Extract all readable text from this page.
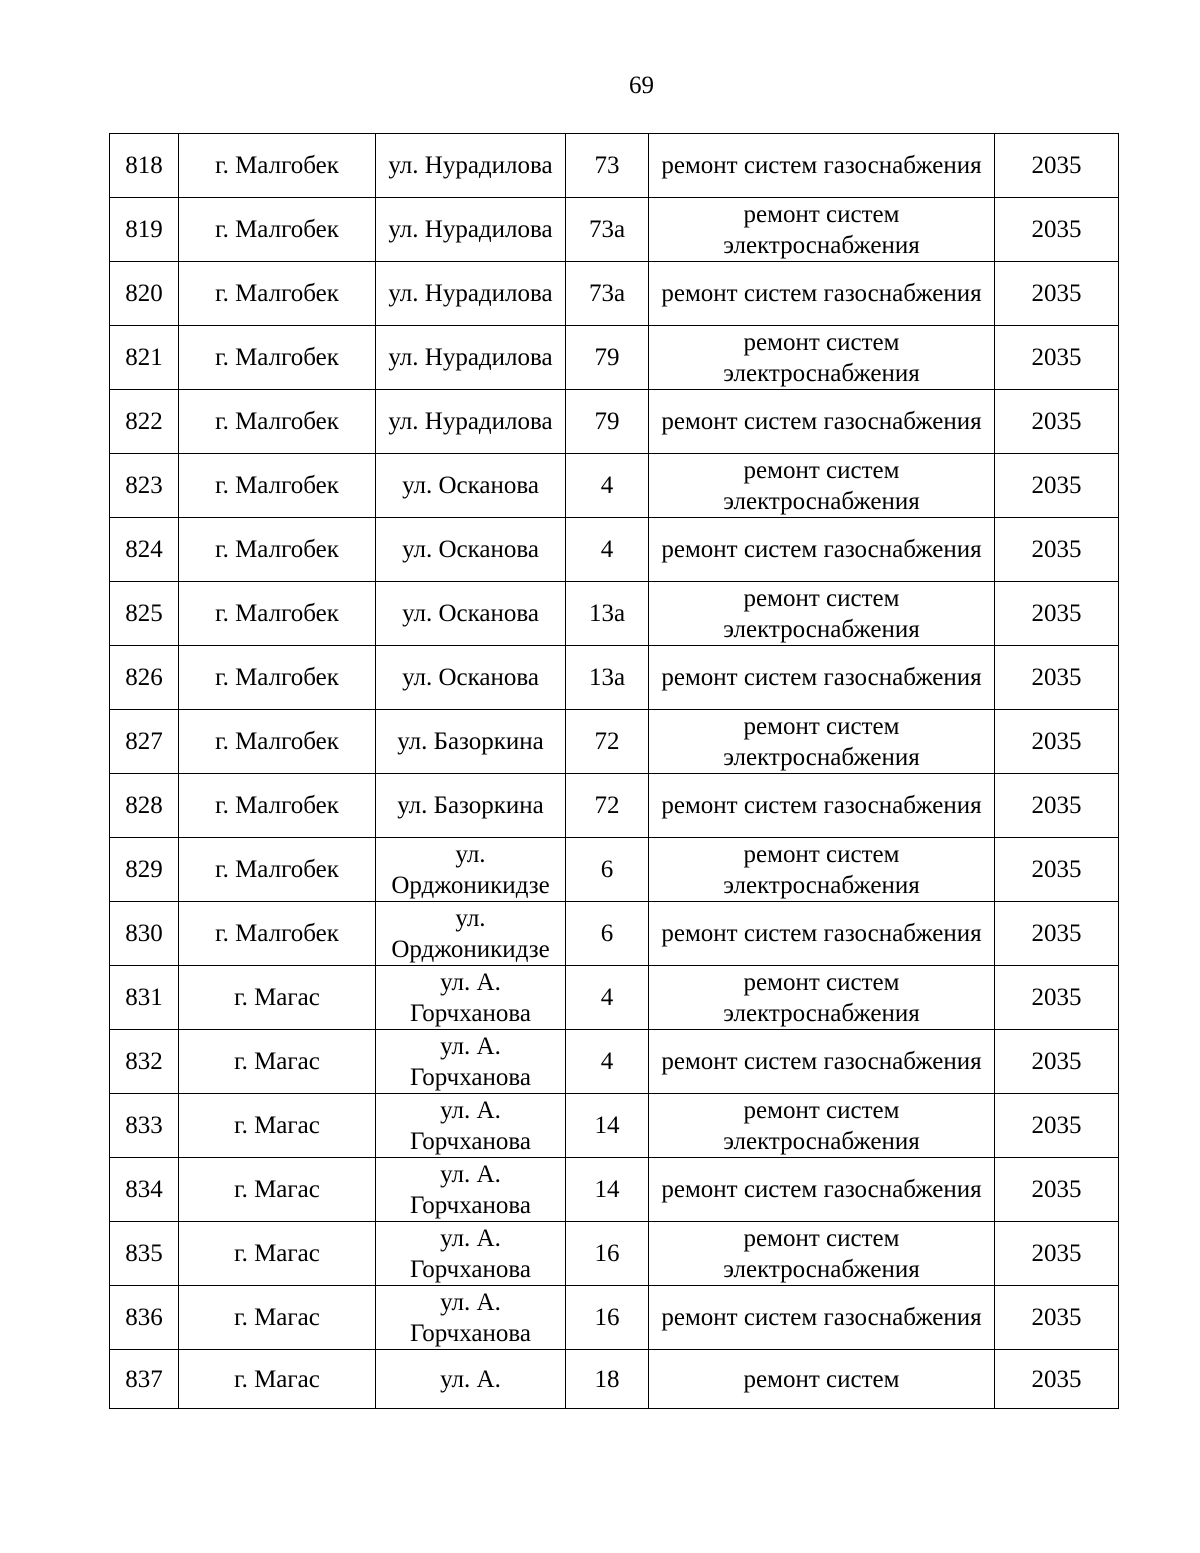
69
818	г. Малгобек	ул. Нурадилова	73	ремонт систем газоснабжения	2035

819	г. Малгобек	ул. Нурадилова	73а	ремонт систем электроснабжения	2035

820	г. Малгобек	ул. Нурадилова	73а	ремонт систем газоснабжения	2035

821	г. Малгобек	ул. Нурадилова	79	ремонт систем электроснабжения	2035

822	г. Малгобек	ул. Нурадилова	79	ремонт систем газоснабжения	2035

823	г. Малгобек	ул. Осканова	4	ремонт систем электроснабжения	2035

824	г. Малгобек	ул. Осканова	4	ремонт систем газоснабжения	2035

825	г. Малгобек	ул. Осканова	13а	ремонт систем электроснабжения	2035

826	г. Малгобек	ул. Осканова	13а	ремонт систем газоснабжения	2035

827	г. Малгобек	ул. Базоркина	72	ремонт систем электроснабжения	2035

828	г. Малгобек	ул. Базоркина	72	ремонт систем газоснабжения	2035

829	г. Малгобек	ул. Орджоникидзе	6	ремонт систем электроснабжения	2035

830	г. Малгобек	ул. Орджоникидзе	6	ремонт систем газоснабжения	2035

831	г. Магас	ул. А. Горчханова	4	ремонт систем электроснабжения	2035

832	г. Магас	ул. А. Горчханова	4	ремонт систем газоснабжения	2035

833	г. Магас	ул. А. Горчханова	14	ремонт систем электроснабжения	2035

834	г. Магас	ул. А. Горчханова	14	ремонт систем газоснабжения	2035

835	г. Магас	ул. А. Горчханова	16	ремонт систем электроснабжения	2035

836	г. Магас	ул. А. Горчханова	16	ремонт систем газоснабжения	2035

837	г. Магас	ул. А.	18	ремонт систем	2035
